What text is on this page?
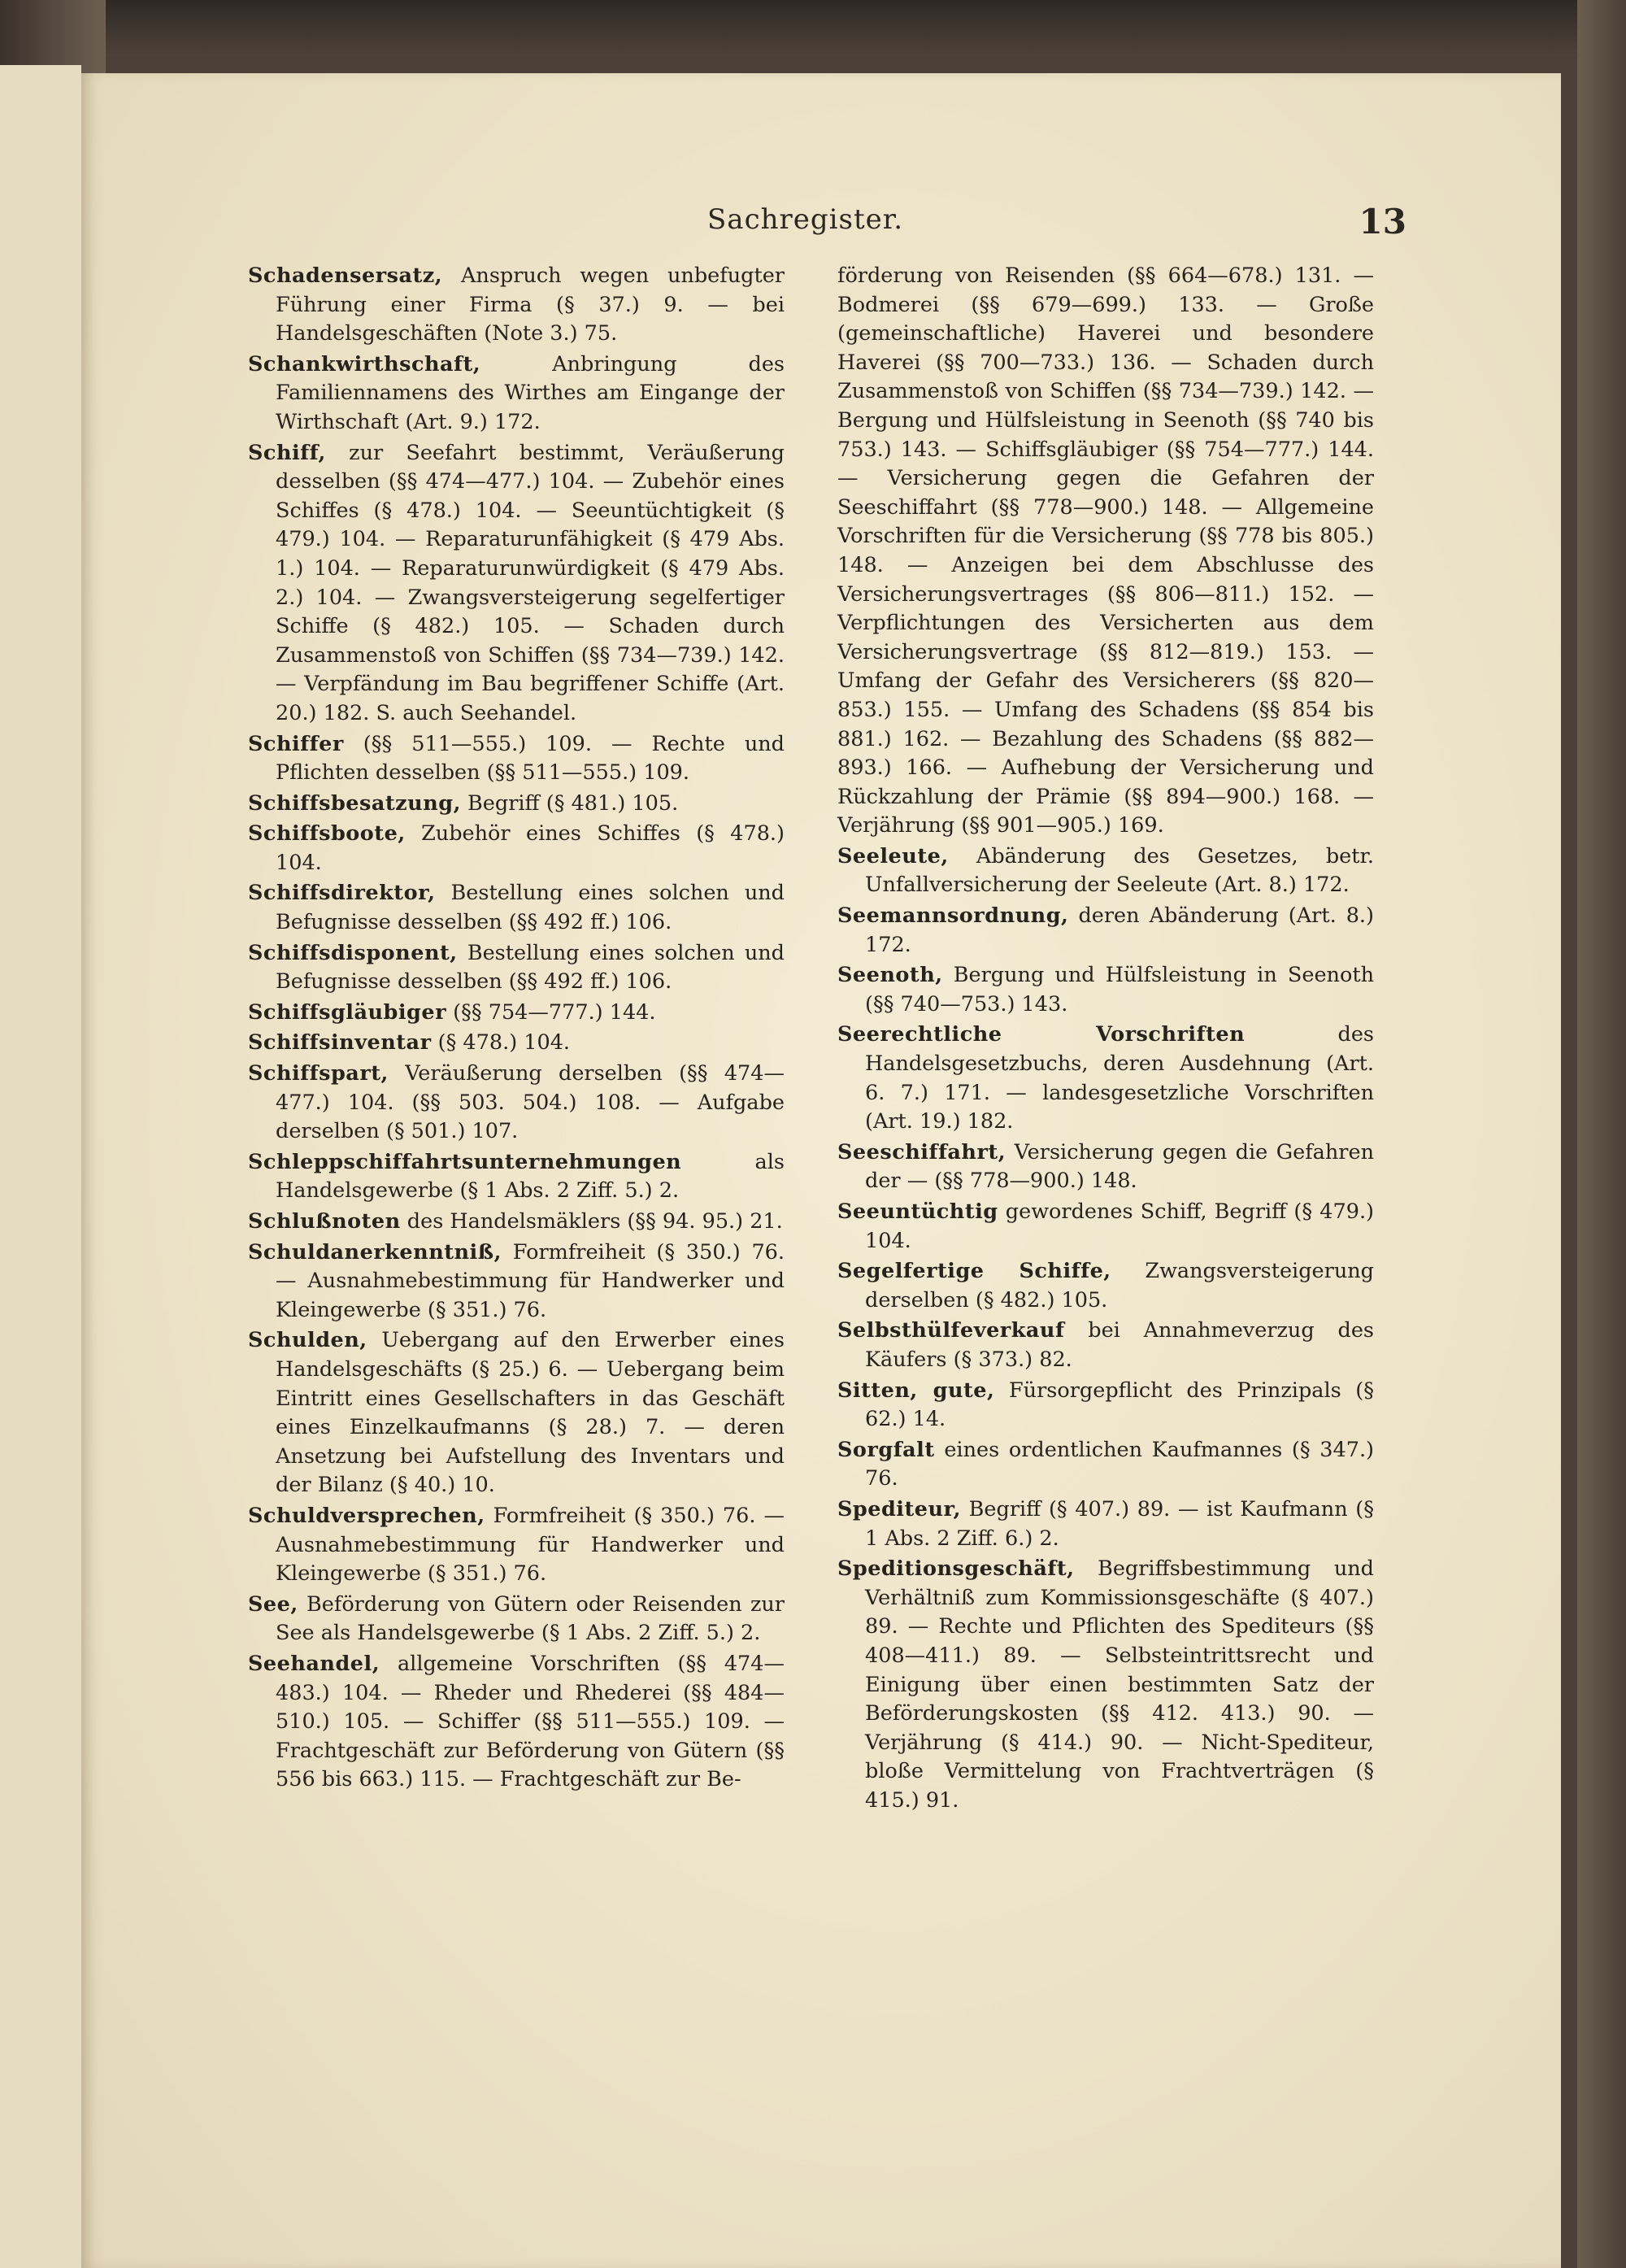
Sachregister.	13

Schadensersatz, Anspruch wegen unbefugter Führung einer Firma (§ 37.) 9. — bei Handelsgeschäften (Note 3.) 75.

Schankwirthschaft, Anbringung des Familiennamens des Wirthes am Eingange der Wirthschaft (Art. 9.) 172.

Schiff, zur Seefahrt bestimmt, Veräußerung desselben (§§ 474—477.) 104. — Zubehör eines Schiffes (§ 478.) 104. — Seeuntüchtigkeit (§ 479.) 104. — Reparaturunfähigkeit (§ 479 Abs. 1.) 104. — Reparaturunwürdigkeit (§ 479 Abs. 2.) 104. — Zwangsversteigerung segelfertiger Schiffe (§ 482.) 105. — Schaden durch Zusammenstoß von Schiffen (§§ 734—739.) 142. — Verpfändung im Bau begriffener Schiffe (Art. 20.) 182. S. auch Seehandel.

Schiffer (§§ 511—555.) 109. — Rechte und Pflichten desselben (§§ 511—555.) 109.

Schiffsbesatzung, Begriff (§ 481.) 105.

Schiffsboote, Zubehör eines Schiffes (§ 478.) 104.

Schiffsdirektor, Bestellung eines solchen und Befugnisse desselben (§§ 492 ff.) 106.

Schiffsdisponent, Bestellung eines solchen und Befugnisse desselben (§§ 492 ff.) 106.

Schiffsgläubiger (§§ 754—777.) 144.

Schiffsinventar (§ 478.) 104.

Schiffspart, Veräußerung derselben (§§ 474—477.) 104. (§§ 503. 504.) 108. — Aufgabe derselben (§ 501.) 107.

Schleppschiffahrtsunternehmungen als Handelsgewerbe (§ 1 Abs. 2 Ziff. 5.) 2.

Schlußnoten des Handelsmäklers (§§ 94. 95.) 21.

Schuldanerkenntniß, Formfreiheit (§ 350.) 76. — Ausnahmebestimmung für Handwerker und Kleingewerbe (§ 351.) 76.

Schulden, Uebergang auf den Erwerber eines Handelsgeschäfts (§ 25.) 6. — Uebergang beim Eintritt eines Gesellschafters in das Geschäft eines Einzelkaufmanns (§ 28.) 7. — deren Ansetzung bei Aufstellung des Inventars und der Bilanz (§ 40.) 10.

Schuldversprechen, Formfreiheit (§ 350.) 76. — Ausnahmebestimmung für Handwerker und Kleingewerbe (§ 351.) 76.

See, Beförderung von Gütern oder Reisenden zur See als Handelsgewerbe (§ 1 Abs. 2 Ziff. 5.) 2.

Seehandel, allgemeine Vorschriften (§§ 474—483.) 104. — Rheder und Rhederei (§§ 484—510.) 105. — Schiffer (§§ 511—555.) 109. — Frachtgeschäft zur Beförderung von Gütern (§§ 556 bis 663.) 115. — Frachtgeschäft zur Be-

förderung von Reisenden (§§ 664—678.) 131. — Bodmerei (§§ 679—699.) 133. — Große (gemeinschaftliche) Haverei und besondere Haverei (§§ 700—733.) 136. — Schaden durch Zusammenstoß von Schiffen (§§ 734—739.) 142. — Bergung und Hülfsleistung in Seenoth (§§ 740 bis 753.) 143. — Schiffsgläubiger (§§ 754—777.) 144. — Versicherung gegen die Gefahren der Seeschiffahrt (§§ 778—900.) 148. — Allgemeine Vorschriften für die Versicherung (§§ 778 bis 805.) 148. — Anzeigen bei dem Abschlusse des Versicherungsvertrages (§§ 806—811.) 152. — Verpflichtungen des Versicherten aus dem Versicherungsvertrage (§§ 812—819.) 153. — Umfang der Gefahr des Versicherers (§§ 820—853.) 155. — Umfang des Schadens (§§ 854 bis 881.) 162. — Bezahlung des Schadens (§§ 882—893.) 166. — Aufhebung der Versicherung und Rückzahlung der Prämie (§§ 894—900.) 168. — Verjährung (§§ 901—905.) 169.

Seeleute, Abänderung des Gesetzes, betr. Unfallversicherung der Seeleute (Art. 8.) 172.

Seemannsordnung, deren Abänderung (Art. 8.) 172.

Seenoth, Bergung und Hülfsleistung in Seenoth (§§ 740—753.) 143.

Seerechtliche Vorschriften des Handelsgesetzbuchs, deren Ausdehnung (Art. 6. 7.) 171. — landesgesetzliche Vorschriften (Art. 19.) 182.

Seeschiffahrt, Versicherung gegen die Gefahren der — (§§ 778—900.) 148.

Seeuntüchtig gewordenes Schiff, Begriff (§ 479.) 104.

Segelfertige Schiffe, Zwangsversteigerung derselben (§ 482.) 105.

Selbsthülfeverkauf bei Annahmeverzug des Käufers (§ 373.) 82.

Sitten, gute, Fürsorgepflicht des Prinzipals (§ 62.) 14.

Sorgfalt eines ordentlichen Kaufmannes (§ 347.) 76.

Spediteur, Begriff (§ 407.) 89. — ist Kaufmann (§ 1 Abs. 2 Ziff. 6.) 2.

Speditionsgeschäft, Begriffsbestimmung und Verhältniß zum Kommissionsgeschäfte (§ 407.) 89. — Rechte und Pflichten des Spediteurs (§§ 408—411.) 89. — Selbsteintrittsrecht und Einigung über einen bestimmten Satz der Beförderungskosten (§§ 412. 413.) 90. — Verjährung (§ 414.) 90. — Nicht-Spediteur, bloße Vermittelung von Frachtverträgen (§ 415.) 91.
